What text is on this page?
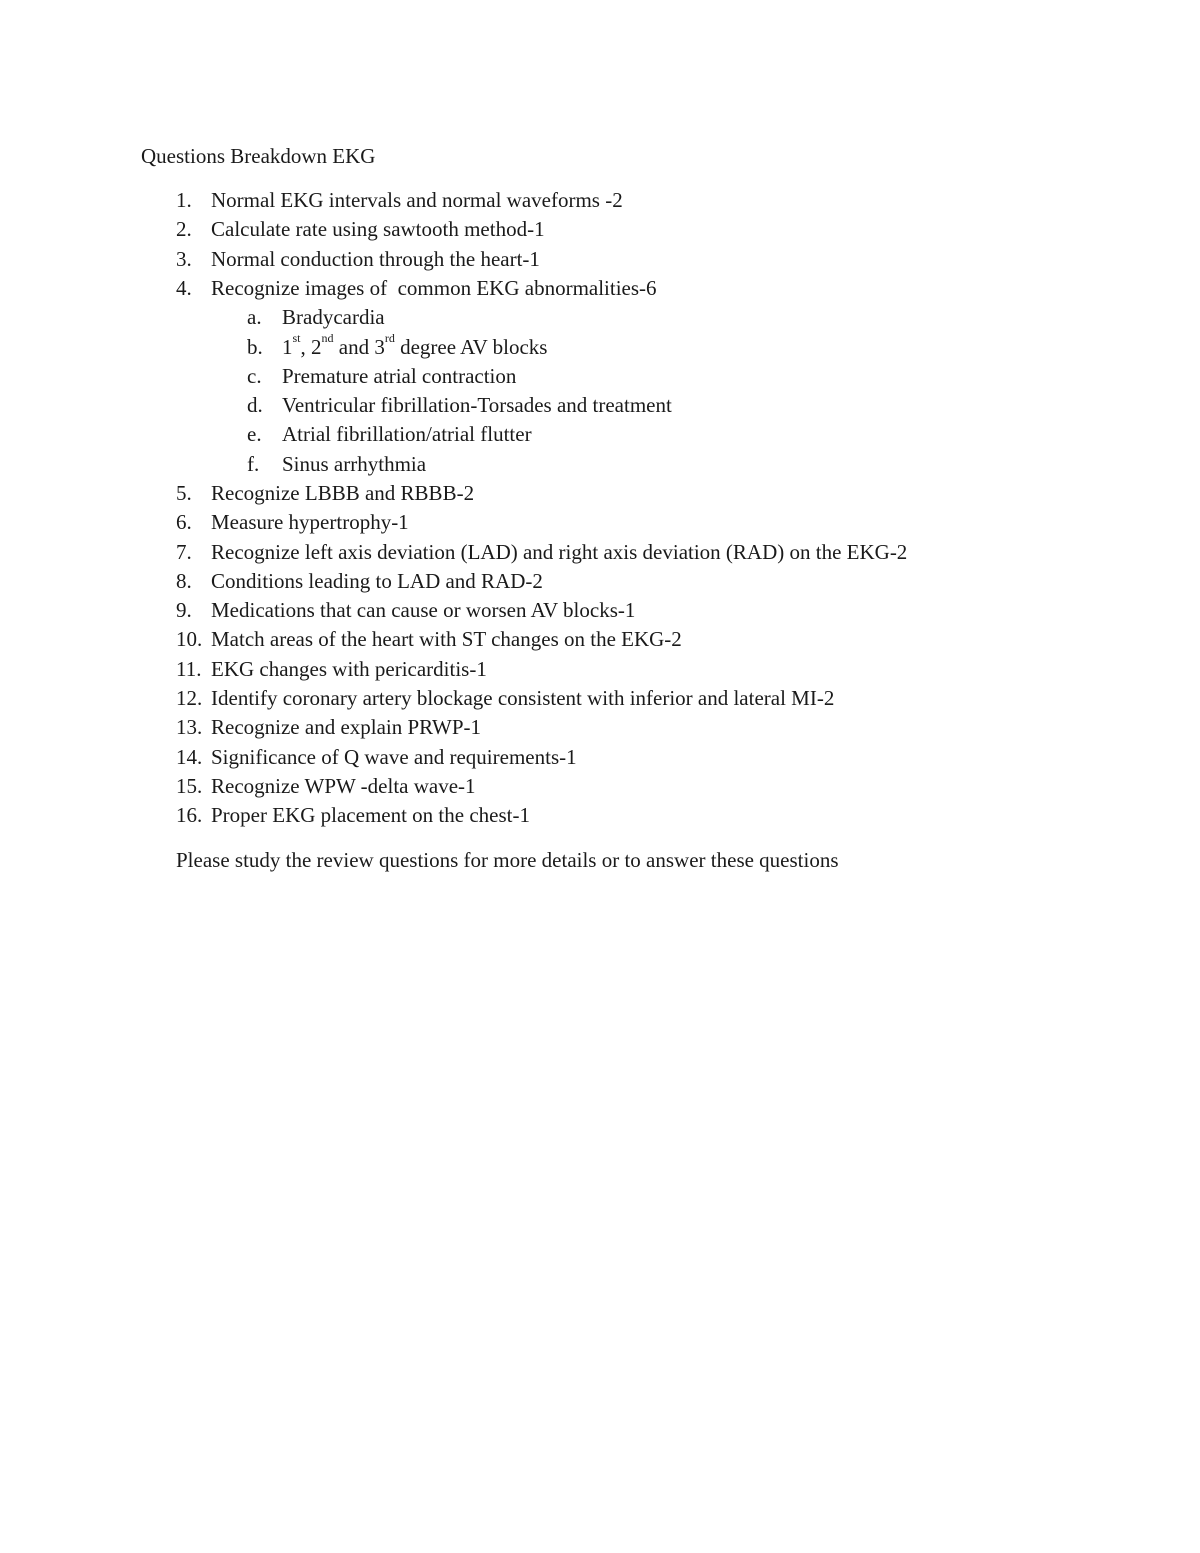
Questions Breakdown EKG
1. Normal EKG intervals and normal waveforms -2
2. Calculate rate using sawtooth method-1
3. Normal conduction through the heart-1
4. Recognize images of  common EKG abnormalities-6
a. Bradycardia
b. 1st, 2nd and 3rd degree AV blocks
c. Premature atrial contraction
d. Ventricular fibrillation-Torsades and treatment
e. Atrial fibrillation/atrial flutter
f.	Sinus arrhythmia
5. Recognize LBBB and RBBB-2
6. Measure hypertrophy-1
7. Recognize left axis deviation (LAD) and right axis deviation (RAD) on the EKG-2
8. Conditions leading to LAD and RAD-2
9. Medications that can cause or worsen AV blocks-1
10. Match areas of the heart with ST changes on the EKG-2
11. EKG changes with pericarditis-1
12. Identify coronary artery blockage consistent with inferior and lateral MI-2
13. Recognize and explain PRWP-1
14. Significance of Q wave and requirements-1
15. Recognize WPW -delta wave-1
16. Proper EKG placement on the chest-1
Please study the review questions for more details or to answer these questions
